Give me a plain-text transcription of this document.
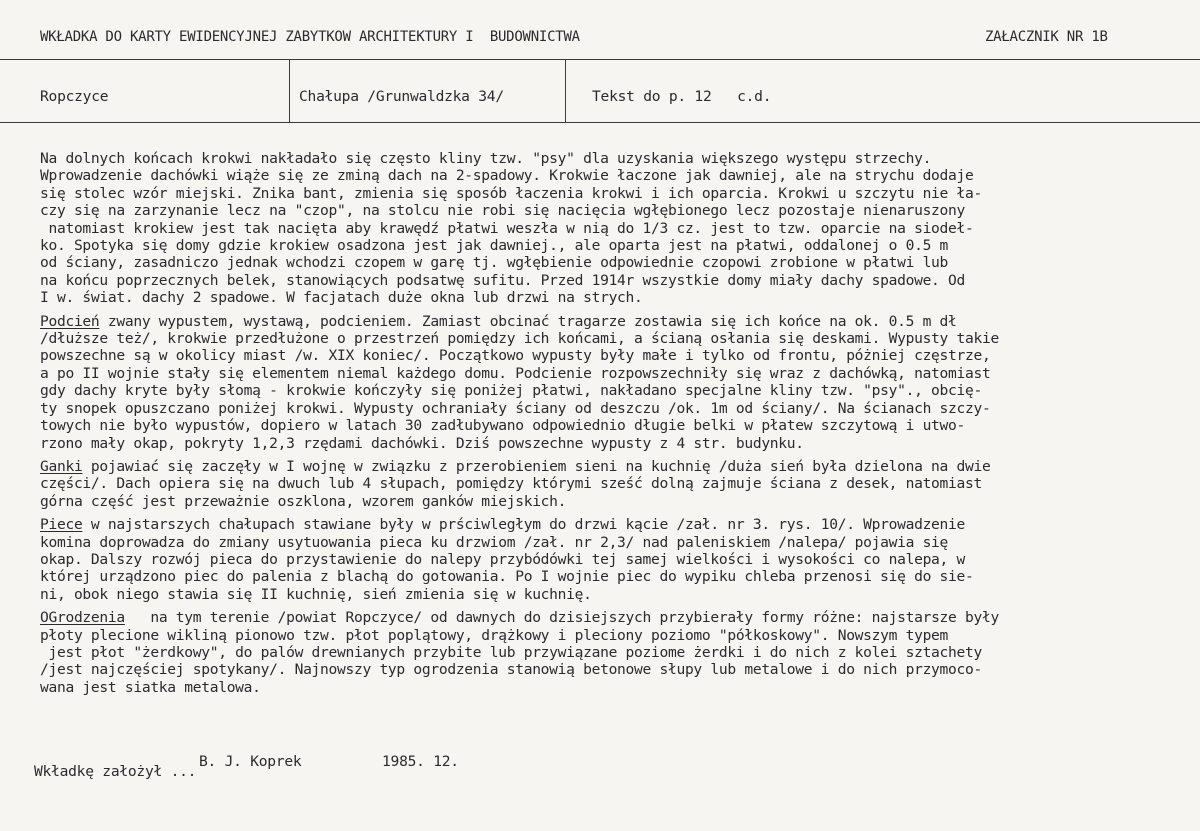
WKŁADKA DO KARTY EWIDENCYJNEJ ZABYTKOW ARCHITEKTURY I  BUDOWNICTWA	ZAŁACZNIK NR 1B
Ropczyce	Chałupa /Grunwaldzka 34/	Tekst do p. 12   c.d.
Na dolnych końcach krokwi nakładało się często kliny tzw. "psy" dla uzyskania większego występu strzechy.
Wprowadzenie dachówki wiąże się ze zminą dach na 2-spadowy. Krokwie łaczone jak dawniej, ale na strychu dodaje
się stolec wzór miejski. Znika bant, zmienia się sposób łaczenia krokwi i ich oparcia. Krokwi u szczytu nie ła-
czy się na zarzynanie lecz na "czop", na stolcu nie robi się nacięcia wgłębionego lecz pozostaje nienaruszony
natomiast krokiew jest tak nacięta aby krawędź płatwi weszła w nią do 1/3 cz. jest to tzw. oparcie na siodeł-
ko. Spotyka się domy gdzie krokiew osadzona jest jak dawniej., ale oparta jest na płatwi, oddalonej o 0.5 m
od ściany, zasadniczo jednak wchodzi czopem w garę tj. wgłębienie odpowiednie czopowi zrobione w płatwi lub
na końcu poprzecznych belek, stanowiących podsatwę sufitu. Przed 1914r wszystkie domy miały dachy spadowe. Od
I w. świat. dachy 2 spadowe. W facjatach duże okna lub drzwi na strych.
Podcień zwany wypustem, wystawą, podcieniem. Zamiast obcinać tragarze zostawia się ich końce na ok. 0.5 m dł
/dłuższe też/, krokwie przedłużone o przestrzeń pomiędzy ich końcami, a ścianą osłania się deskami. Wypusty takie
powszechne są w okolicy miast /w. XIX koniec/. Początkowo wypusty były małe i tylko od frontu, póżniej częstrze,
a po II wojnie stały się elementem niemal każdego domu. Podcienie rozpowszechniły się wraz z dachówką, natomiast
gdy dachy kryte były słomą - krokwie kończyły się poniżej płatwi, nakładano specjalne kliny tzw. "psy"., obcię-
ty snopek opuszczano poniżej krokwi. Wypusty ochraniały ściany od deszczu /ok. 1m od ściany/. Na ścianach szczy-
towych nie było wypustów, dopiero w latach 30 zadłubywano odpowiednio długie belki w płatew szczytową i utwo-
rzono mały okap, pokryty 1,2,3 rzędami dachówki. Dziś powszechne wypusty z 4 str. budynku.
Ganki pojawiać się zaczęły w I wojnę w związku z przerobieniem sieni na kuchnię /duża sień była dzielona na dwie
części/. Dach opiera się na dwuch lub 4 słupach, pomiędzy którymi sześć dolną zajmuje ściana z desek, natomiast
górna część jest przeważnie oszklona, wzorem ganków miejskich.
Piece w najstarszych chałupach stawiane były w prściwległym do drzwi kącie /zał. nr 3. rys. 10/. Wprowadzenie
komina doprowadza do zmiany usytuowania pieca ku drzwiom /zał. nr 2,3/ nad paleniskiem /nalepa/ pojawia się
okap. Dalszy rozwój pieca do przystawienie do nalepy przybódówki tej samej wielkości i wysokości co nalepa, w
której urządzono piec do palenia z blachą do gotowania. Po I wojnie piec do wypiku chleba przenosi się do sie-
ni, obok niego stawia się II kuchnię, sień zmienia się w kuchnię.
OGrodzenia   na tym terenie /powiat Ropczyce/ od dawnych do dzisiejszych przybierały formy różne: najstarsze były
płoty plecione wikliną pionowo tzw. płot poplątowy, drążkowy i pleciony poziomo "półkoskowy". Nowszym typem
jest płot "żerdkowy", do palów drewnianych przybite lub przywiązane poziome żerdki i do nich z kolei sztachety
/jest najczęściej spotykany/. Najnowszy typ ogrodzenia stanowią betonowe słupy lub metalowe i do nich przymoco-
wana jest siatka metalowa.
Wkładkę założył ...
B. J. Koprek	1985. 12.
